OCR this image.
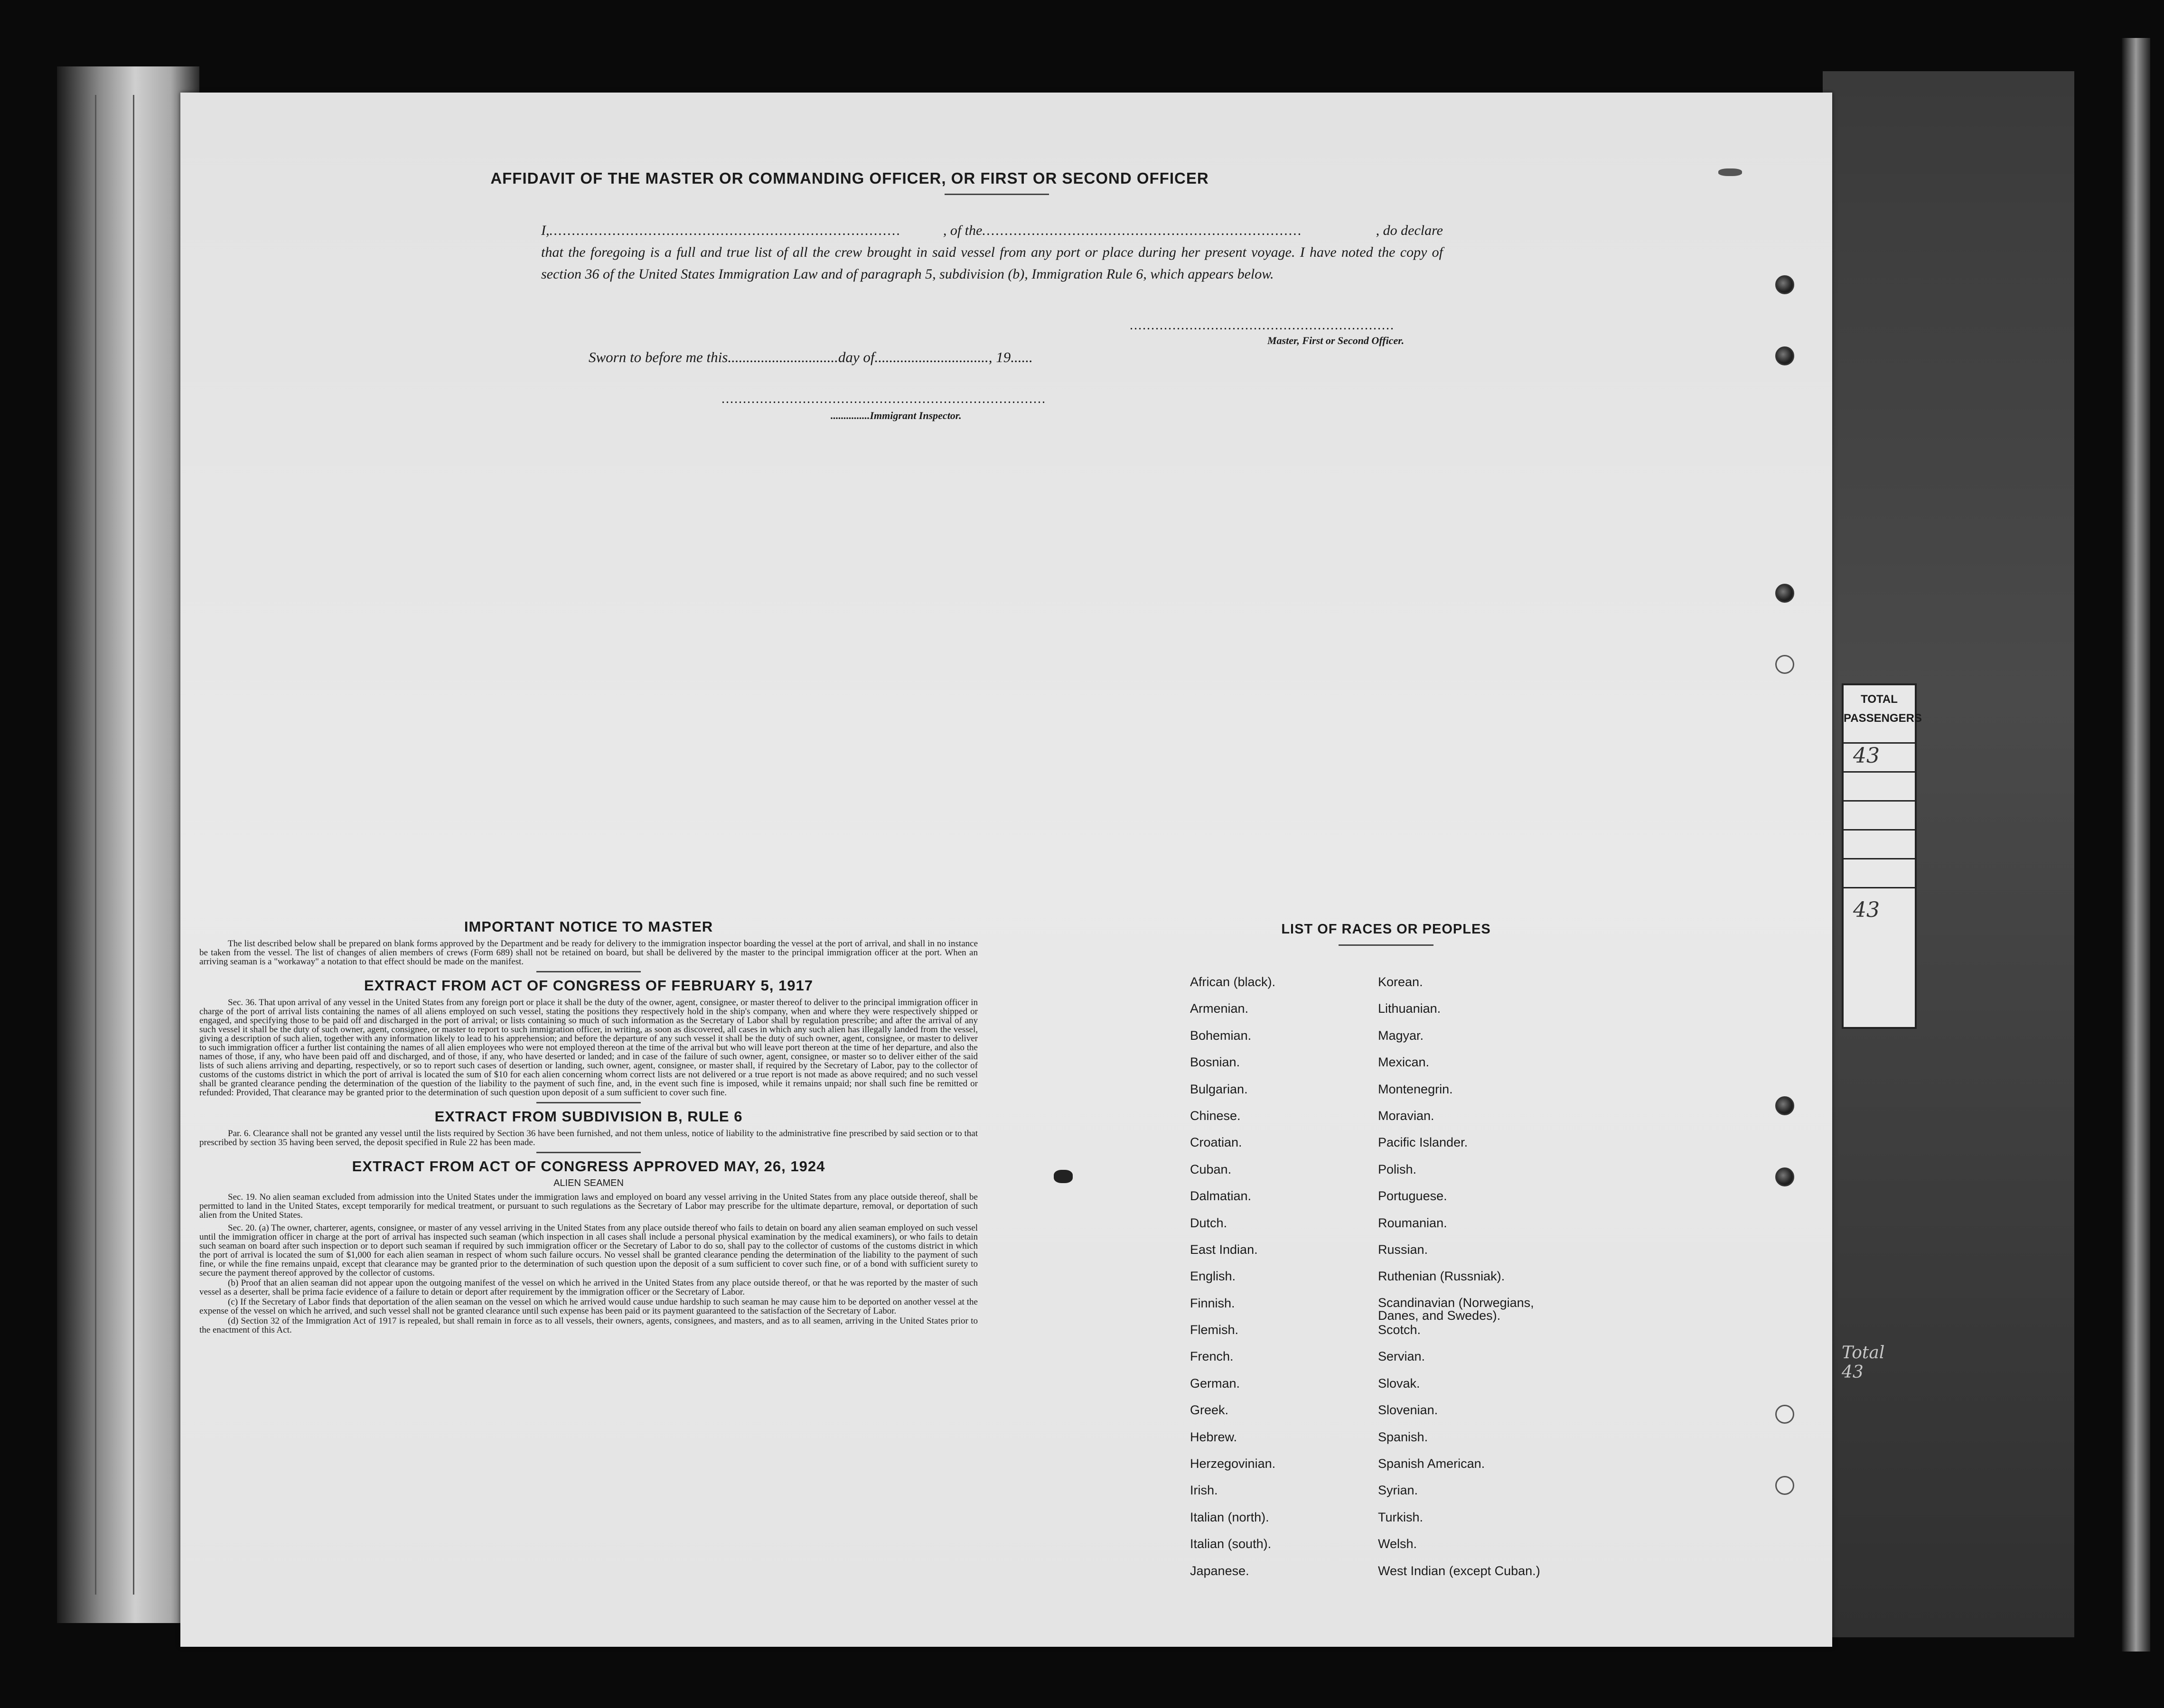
TOTAL
PASSENGERS
43
43
Total
43
AFFIDAVIT OF THE MASTER OR COMMANDING OFFICER, OR FIRST OR SECOND OFFICER
I, ..............................................................................	, of the .......................................................................	, do declare
that the foregoing is a full and true list of all the crew brought in said vessel from any port or place during her present voyage. I have noted the copy of section 36 of the United States Immigration Law and of paragraph 5, subdivision (b), Immigration Rule 6, which appears below.
..............................................................
Master, First or Second Officer.
Sworn to before me this..............................day of..............................., 19......
............................................................................
...............Immigrant Inspector.

IMPORTANT NOTICE TO MASTER

The list described below shall be prepared on blank forms approved by the Department and be ready for delivery to the immigration inspector boarding the vessel at the port of arrival, and shall in no instance be taken from the vessel. The list of changes of alien members of crews (Form 689) shall not be retained on board, but shall be delivered by the master to the principal immigration officer at the port. When an arriving seaman is a "workaway" a notation to that effect should be made on the manifest.

EXTRACT FROM ACT OF CONGRESS OF FEBRUARY 5, 1917

Sec. 36. That upon arrival of any vessel in the United States from any foreign port or place it shall be the duty of the owner, agent, consignee, or master thereof to deliver to the principal immigration officer in charge of the port of arrival lists containing the names of all aliens employed on such vessel, stating the positions they respectively hold in the ship's company, when and where they were respectively shipped or engaged, and specifying those to be paid off and discharged in the port of arrival; or lists containing so much of such information as the Secretary of Labor shall by regulation prescribe; and after the arrival of any such vessel it shall be the duty of such owner, agent, consignee, or master to report to such immigration officer, in writing, as soon as discovered, all cases in which any such alien has illegally landed from the vessel, giving a description of such alien, together with any information likely to lead to his apprehension; and before the departure of any such vessel it shall be the duty of such owner, agent, consignee, or master to deliver to such immigration officer a further list containing the names of all alien employees who were not employed thereon at the time of the arrival but who will leave port thereon at the time of her departure, and also the names of those, if any, who have been paid off and discharged, and of those, if any, who have deserted or landed; and in case of the failure of such owner, agent, consignee, or master so to deliver either of the said lists of such aliens arriving and departing, respectively, or so to report such cases of desertion or landing, such owner, agent, consignee, or master shall, if required by the Secretary of Labor, pay to the collector of customs of the customs district in which the port of arrival is located the sum of $10 for each alien concerning whom correct lists are not delivered or a true report is not made as above required; and no such vessel shall be granted clearance pending the determination of the question of the liability to the payment of such fine, and, in the event such fine is imposed, while it remains unpaid; nor shall such fine be remitted or refunded: Provided, That clearance may be granted prior to the determination of such question upon deposit of a sum sufficient to cover such fine.

EXTRACT FROM SUBDIVISION B, RULE 6

Par. 6. Clearance shall not be granted any vessel until the lists required by Section 36 have been furnished, and not them unless, notice of liability to the administrative fine prescribed by said section or to that prescribed by section 35 having been served, the deposit specified in Rule 22 has been made.

EXTRACT FROM ACT OF CONGRESS APPROVED MAY, 26, 1924

ALIEN SEAMEN

Sec. 19. No alien seaman excluded from admission into the United States under the immigration laws and employed on board any vessel arriving in the United States from any place outside thereof, shall be permitted to land in the United States, except temporarily for medical treatment, or pursuant to such regulations as the Secretary of Labor may prescribe for the ultimate departure, removal, or deportation of such alien from the United States.

Sec. 20. (a) The owner, charterer, agents, consignee, or master of any vessel arriving in the United States from any place outside thereof who fails to detain on board any alien seaman employed on such vessel until the immigration officer in charge at the port of arrival has inspected such seaman (which inspection in all cases shall include a personal physical examination by the medical examiners), or who fails to detain such seaman on board after such inspection or to deport such seaman if required by such immigration officer or the Secretary of Labor to do so, shall pay to the collector of customs of the customs district in which the port of arrival is located the sum of $1,000 for each alien seaman in respect of whom such failure occurs. No vessel shall be granted clearance pending the determination of the liability to the payment of such fine, or while the fine remains unpaid, except that clearance may be granted prior to the determination of such question upon the deposit of a sum sufficient to cover such fine, or of a bond with sufficient surety to secure the payment thereof approved by the collector of customs.

(b) Proof that an alien seaman did not appear upon the outgoing manifest of the vessel on which he arrived in the United States from any place outside thereof, or that he was reported by the master of such vessel as a deserter, shall be prima facie evidence of a failure to detain or deport after requirement by the immigration officer or the Secretary of Labor.

(c) If the Secretary of Labor finds that deportation of the alien seaman on the vessel on which he arrived would cause undue hardship to such seaman he may cause him to be deported on another vessel at the expense of the vessel on which he arrived, and such vessel shall not be granted clearance until such expense has been paid or its payment guaranteed to the satisfaction of the Secretary of Labor.

(d) Section 32 of the Immigration Act of 1917 is repealed, but shall remain in force as to all vessels, their owners, agents, consignees, and masters, and as to all seamen, arriving in the United States prior to the enactment of this Act.

LIST OF RACES OR PEOPLES
African (black).
Armenian.
Bohemian.
Bosnian.
Bulgarian.
Chinese.
Croatian.
Cuban.
Dalmatian.
Dutch.
East Indian.
English.
Finnish.
Flemish.
French.
German.
Greek.
Hebrew.
Herzegovinian.
Irish.
Italian (north).
Italian (south).
Japanese.
Korean.
Lithuanian.
Magyar.
Mexican.
Montenegrin.
Moravian.
Pacific Islander.
Polish.
Portuguese.
Roumanian.
Russian.
Ruthenian (Russniak).
Scandinavian (Norwegians, Danes, and Swedes).
Scotch.
Servian.
Slovak.
Slovenian.
Spanish.
Spanish American.
Syrian.
Turkish.
Welsh.
West Indian (except Cuban.)
